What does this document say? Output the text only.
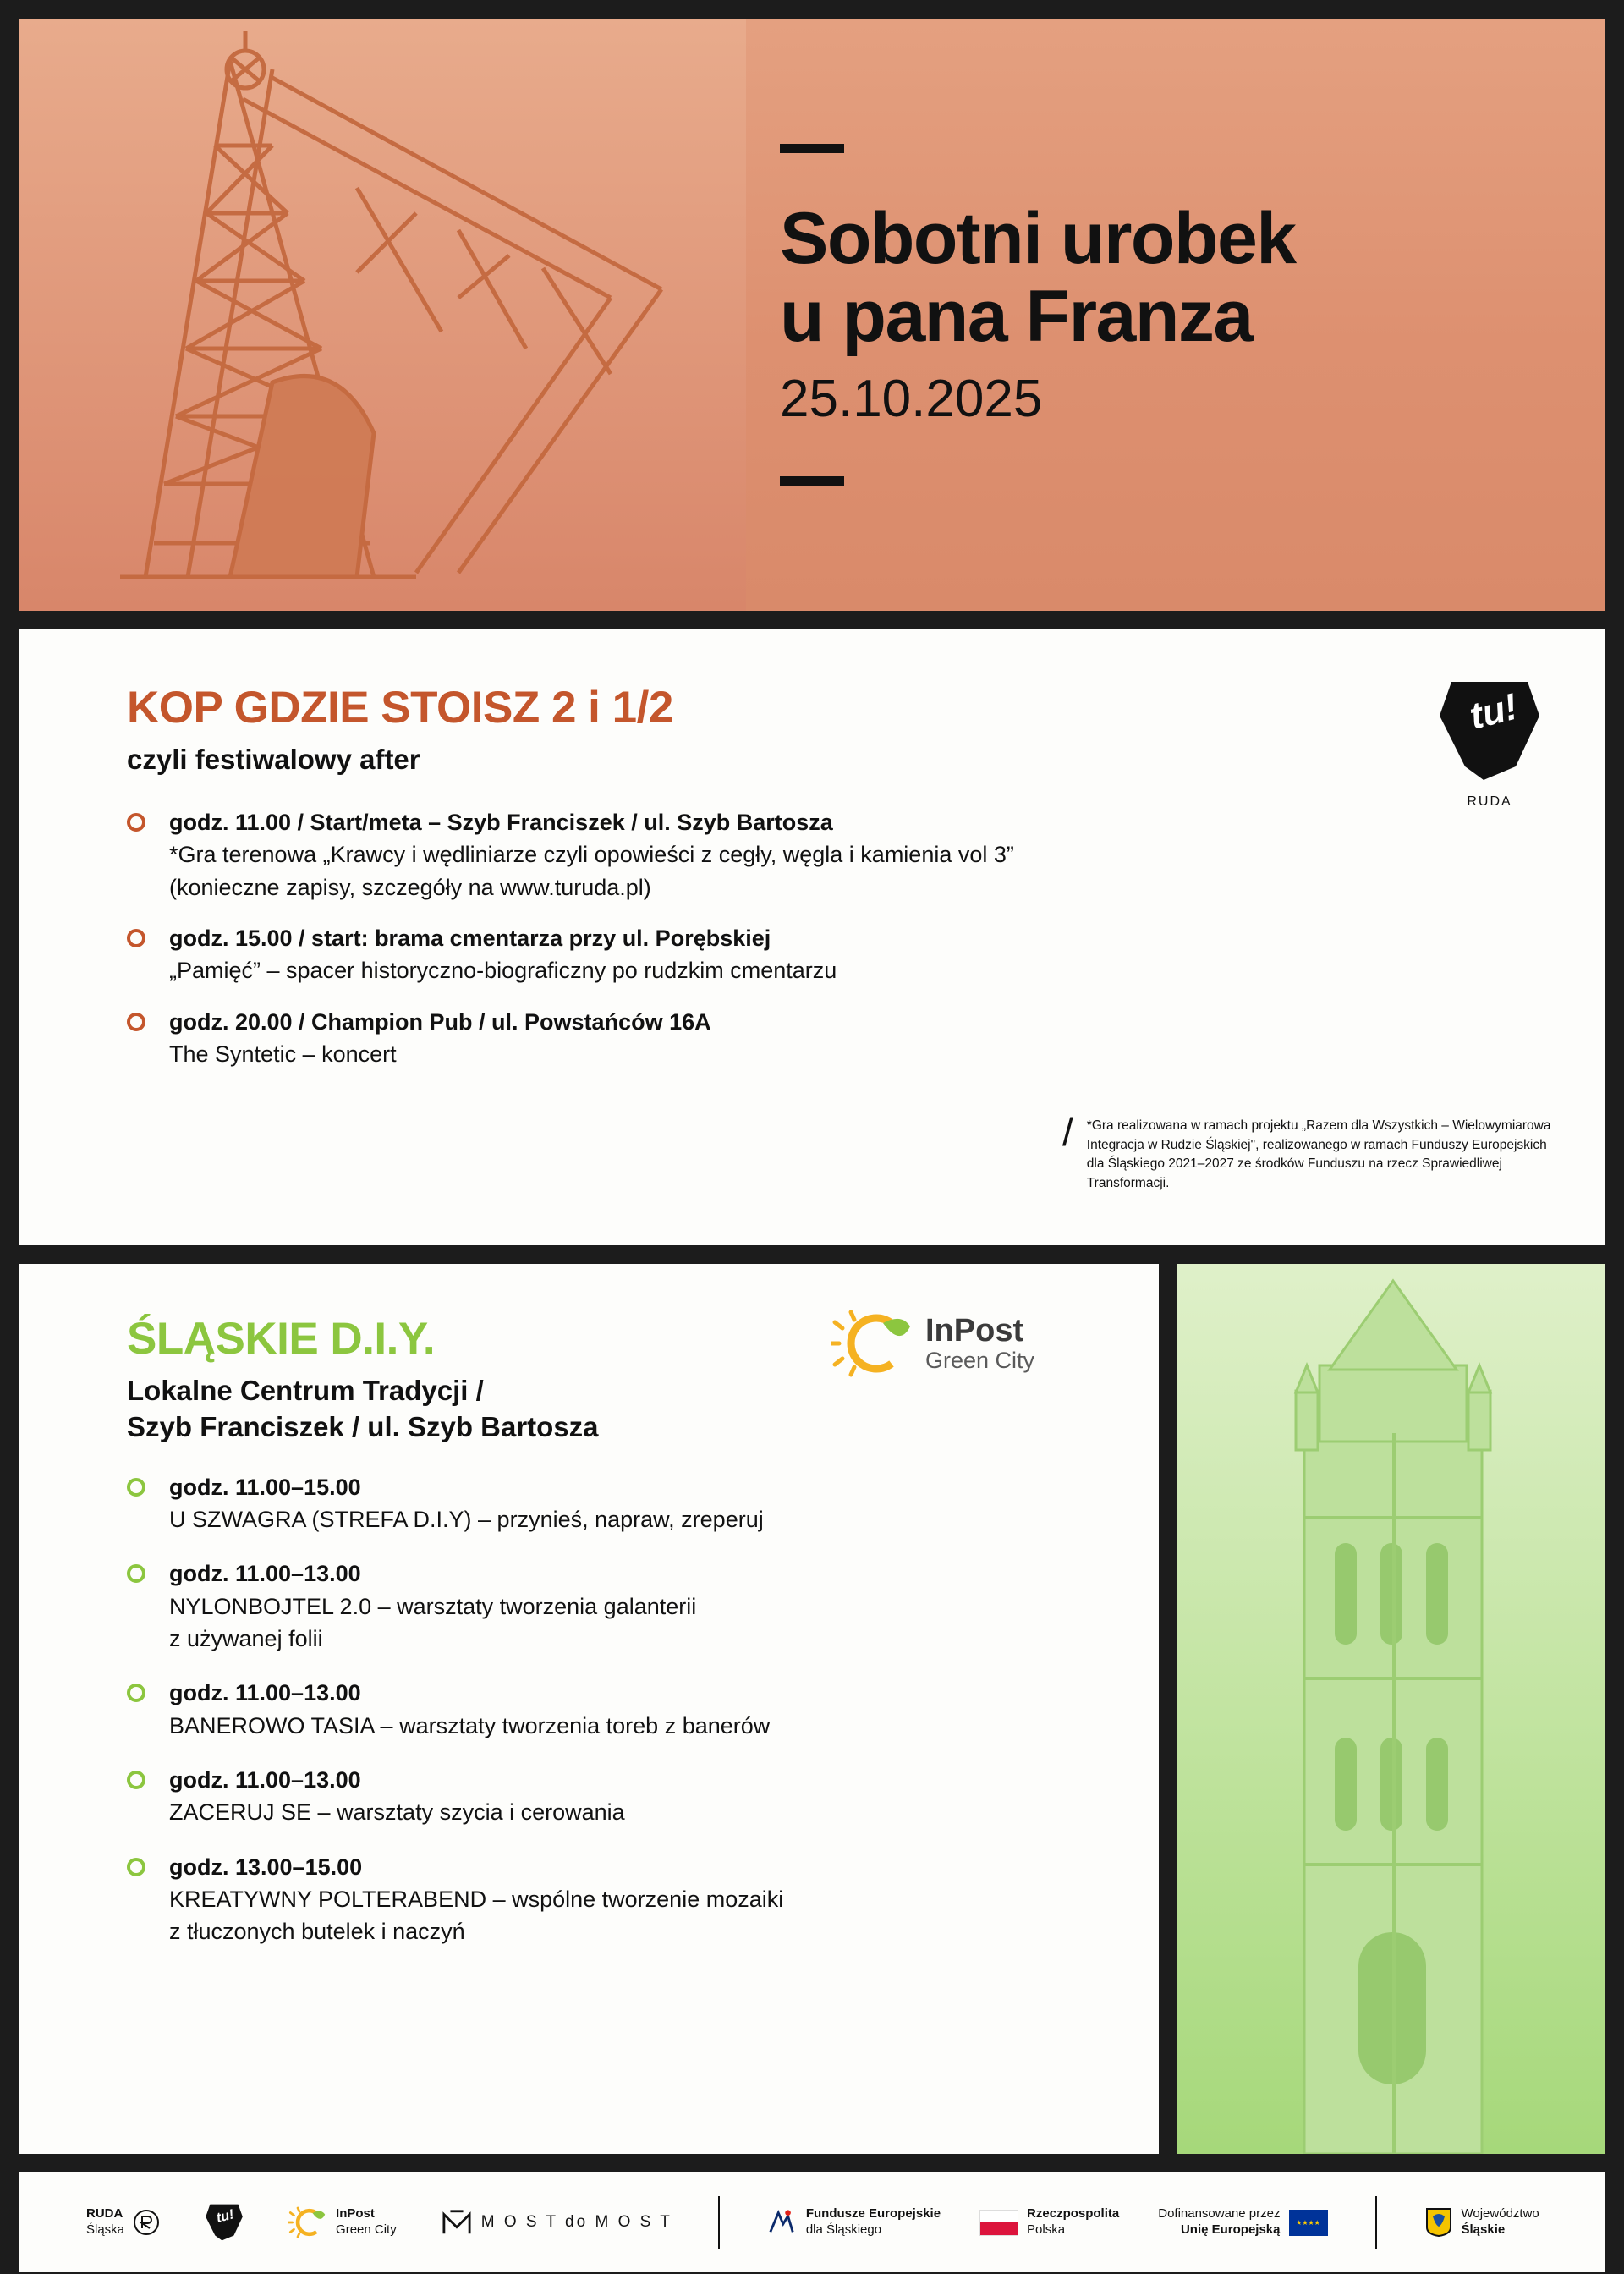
Sobotni urobek
u pana Franza
25.10.2025
KOP GDZIE STOISZ 2 i 1/2
czyli festiwalowy after
godz. 11.00 / Start/meta – Szyb Franciszek / ul. Szyb Bartosza
*Gra terenowa „Krawcy i wędliniarze czyli opowieści z cegły, węgla i kamienia vol 3”
(konieczne zapisy, szczegóły na www.turuda.pl)
godz. 15.00 / start: brama cmentarza przy ul. Porębskiej
„Pamięć” – spacer historyczno-biograficzny po rudzkim cmentarzu
godz. 20.00 / Champion Pub / ul. Powstańców 16A
The Syntetic – koncert
tu!
RUDA
/ *Gra realizowana w ramach projektu „Razem dla Wszystkich – Wielowymiarowa Integracja w Rudzie Śląskiej", realizowanego w ramach Funduszy Europejskich dla Śląskiego 2021–2027 ze środków Funduszu na rzecz Sprawiedliwej Transformacji.

ŚLĄSKIE D.I.Y.
Lokalne Centrum Tradycji /
Szyb Franciszek / ul. Szyb Bartosza
godz. 11.00–15.00
U SZWAGRA (STREFA D.I.Y) – przynieś, napraw, zreperuj
godz. 11.00–13.00
NYLONBOJTEL 2.0 – warsztaty tworzenia galanterii
z używanej folii
godz. 11.00–13.00
BANEROWO TASIA – warsztaty tworzenia toreb z banerów
godz. 11.00–13.00
ZACERUJ SE – warsztaty szycia i cerowania
godz. 13.00–15.00
KREATYWNY POLTERABEND – wspólne tworzenie mozaiki
z tłuczonych butelek i naczyń
InPost
Green City
RUDA
Śląska
tu!	InPost
Green City	M O S T do M O S T	Fundusze Europejskie
dla Śląskiego
Rzeczpospolita
Polska
Dofinansowane przez
Unię Europejską	★★★★
Województwo
Śląskie
